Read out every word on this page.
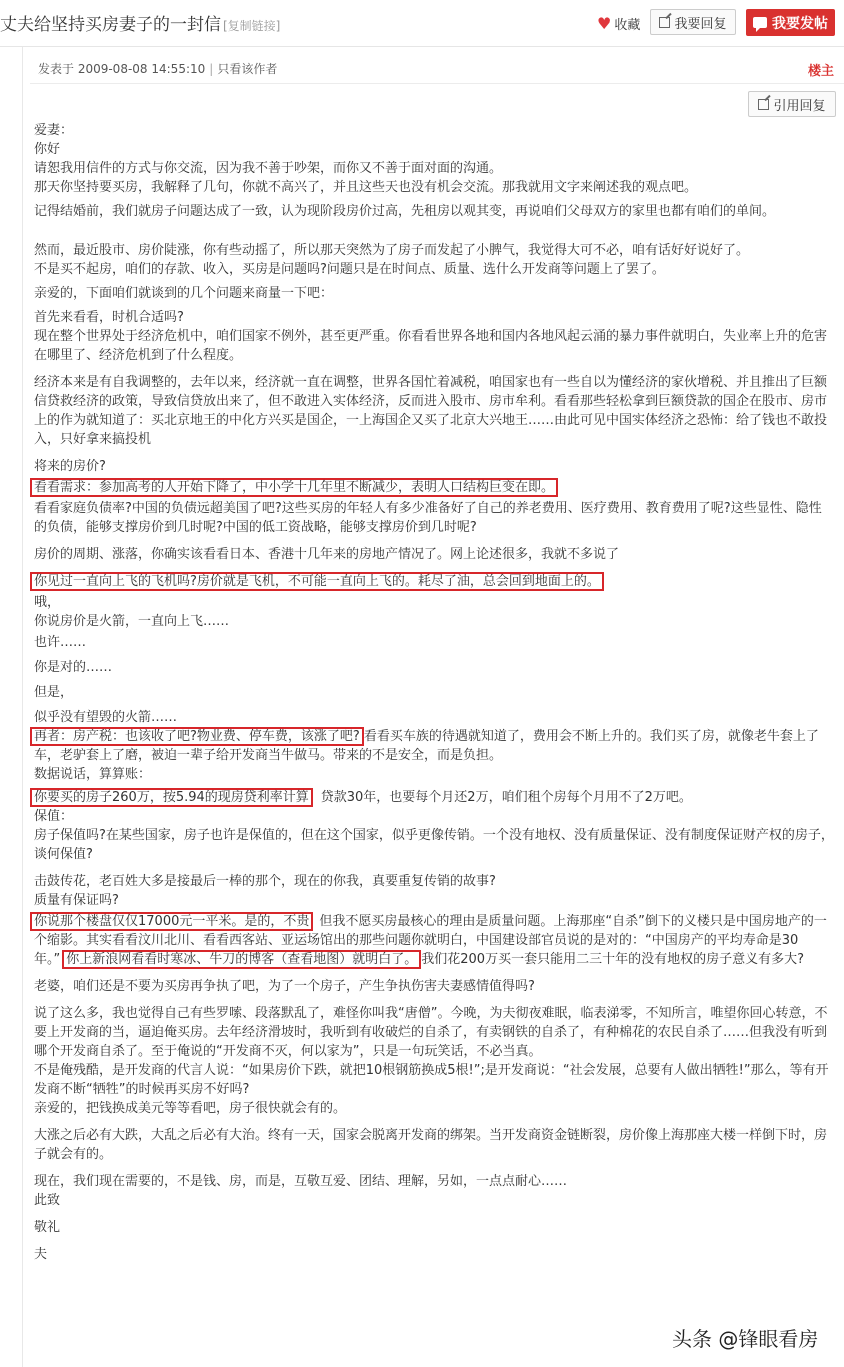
丈夫给坚持买房妻子的一封信 [复制链接]	♥ 收藏	我要回复	我要发帖
发表于 2009-08-08 14:55:10 | 只看该作者	楼主
引用回复

爱妻：

你好

请恕我用信件的方式与你交流，因为我不善于吵架，而你又不善于面对面的沟通。

那天你坚持要买房，我解释了几句，你就不高兴了，并且这些天也没有机会交流。那我就用文字来阐述我的观点吧。

记得结婚前，我们就房子问题达成了一致，认为现阶段房价过高，先租房以观其变，再说咱们父母双方的家里也都有咱们的单间。

然而，最近股市、房价陡涨，你有些动摇了，所以那天突然为了房子而发起了小脾气，我觉得大可不必，咱有话好好说好了。

不是买不起房，咱们的存款、收入，买房是问题吗?问题只是在时间点、质量、选什么开发商等问题上了罢了。

亲爱的，下面咱们就谈到的几个问题来商量一下吧：

首先来看看，时机合适吗?

现在整个世界处于经济危机中，咱们国家不例外，甚至更严重。你看看世界各地和国内各地风起云涌的暴力事件就明白，失业率上升的危害在哪里了、经济危机到了什么程度。

经济本来是有自我调整的，去年以来，经济就一直在调整，世界各国忙着减税，咱国家也有一些自以为懂经济的家伙增税、并且推出了巨额信贷救经济的政策，导致信贷放出来了，但不敢进入实体经济，反而进入股市、房市牟利。看看那些轻松拿到巨额贷款的国企在股市、房市上的作为就知道了：买北京地王的中化方兴买是国企，一上海国企又买了北京大兴地王……由此可见中国实体经济之恐怖：给了钱也不敢投入，只好拿来搞投机

将来的房价?

看看需求：参加高考的人开始下降了，中小学十几年里不断减少，表明人口结构巨变在即。

看看家庭负债率?中国的负债远超美国了吧?这些买房的年轻人有多少准备好了自己的养老费用、医疗费用、教育费用了呢?这些显性、隐性的负债，能够支撑房价到几时呢?中国的低工资战略，能够支撑房价到几时呢?

房价的周期、涨落，你确实该看看日本、香港十几年来的房地产情况了。网上论述很多，我就不多说了

你见过一直向上飞的飞机吗?房价就是飞机，不可能一直向上飞的。耗尽了油，总会回到地面上的。

哦，

你说房价是火箭，一直向上飞……

也许……

你是对的……

但是，

似乎没有望毁的火箭……

再者：房产税：也该收了吧?物业费、停车费，该涨了吧? 看看买车族的待遇就知道了，费用会不断上升的。我们买了房，就像老牛套上了车，老驴套上了磨，被迫一辈子给开发商当牛做马。带来的不是安全，而是负担。

数据说话，算算账：

你要买的房子260万，按5.94的现房贷利率计算 贷款30年，也要每个月还2万，咱们租个房每个月用不了2万吧。

保值：

房子保值吗?在某些国家，房子也许是保值的，但在这个国家，似乎更像传销。一个没有地权、没有质量保证、没有制度保证财产权的房子，谈何保值?

击鼓传花，老百姓大多是接最后一棒的那个，现在的你我，真要重复传销的故事?

质量有保证吗?

你说那个楼盘仅仅17000元一平米。是的，不贵 但我不愿买房最核心的理由是质量问题。上海那座“自杀”倒下的义楼只是中国房地产的一个缩影。其实看看汶川北川、看看西客站、亚运场馆出的那些问题你就明白，中国建设部官员说的是对的：“中国房产的平均寿命是30年。” 你上新浪网看看时寒冰、牛刀的博客（查看地图）就明白了。 我们花200万买一套只能用二三十年的没有地权的房子意义有多大?

老婆，咱们还是不要为买房再争执了吧，为了一个房子，产生争执伤害夫妻感情值得吗?

说了这么多，我也觉得自己有些罗嗦、段落默乱了，难怪你叫我“唐僧”。今晚，为夫彻夜难眠，临表涕零，不知所言，唯望你回心转意，不要上开发商的当，逼迫俺买房。去年经济滑坡时，我听到有收破烂的自杀了，有卖钢铁的自杀了，有种棉花的农民自杀了……但我没有听到哪个开发商自杀了。至于俺说的“开发商不灭，何以家为”，只是一句玩笑话，不必当真。

不是俺残酷，是开发商的代言人说：“如果房价下跌，就把10根钢筋换成5根!”;是开发商说：“社会发展，总要有人做出牺牲!”那么，等有开发商不断“牺牲”的时候再买房不好吗?

亲爱的，把钱换成美元等等看吧，房子很快就会有的。

大涨之后必有大跌，大乱之后必有大治。终有一天，国家会脱离开发商的绑架。当开发商资金链断裂，房价像上海那座大楼一样倒下时，房子就会有的。

现在，我们现在需要的，不是钱、房，而是，互敬互爱、团结、理解，另如，一点点耐心……

此致

敬礼

夫

头条 @锋眼看房
